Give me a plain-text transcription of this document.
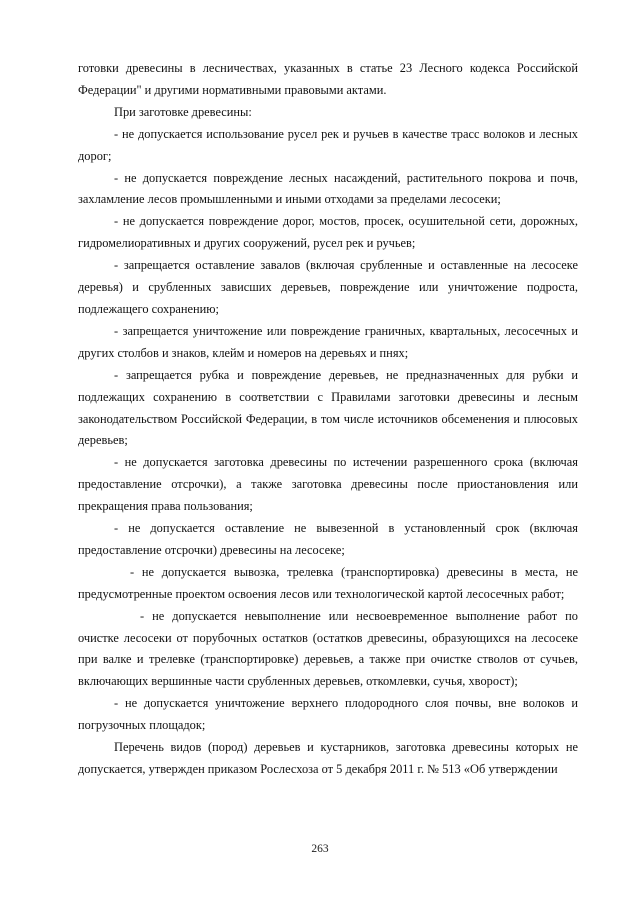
готовки древесины в лесничествах, указанных в статье 23 Лесного кодекса Российской Федерации" и другими нормативными правовыми актами.

При заготовке древесины:

- не допускается использование русел рек и ручьев в качестве трасс волоков и лесных дорог;

- не допускается повреждение лесных насаждений, растительного покрова и почв, захламление лесов промышленными и иными отходами за пределами лесосеки;

- не допускается повреждение дорог, мостов, просек, осушительной сети, дорожных, гидромелиоративных и других сооружений, русел рек и ручьев;

- запрещается оставление завалов (включая срубленные и оставленные на лесосеке деревья) и срубленных зависших деревьев, повреждение или уничтожение подроста, подлежащего сохранению;

- запрещается уничтожение или повреждение граничных, квартальных, лесосечных и других столбов и знаков, клейм и номеров на деревьях и пнях;

- запрещается рубка и повреждение деревьев, не предназначенных для рубки и подлежащих сохранению в соответствии с Правилами заготовки древесины и лесным законодательством Российской Федерации, в том числе источников обсеменения и плюсовых деревьев;

- не допускается заготовка древесины по истечении разрешенного срока (включая предоставление отсрочки), а также заготовка древесины после приостановления или прекращения права пользования;

- не допускается оставление не вывезенной в установленный срок (включая предоставление отсрочки) древесины на лесосеке;

- не допускается вывозка, трелевка (транспортировка) древесины в места, не предусмотренные проектом освоения лесов или технологической картой лесосечных работ;

- не допускается невыполнение или несвоевременное выполнение работ по очистке лесосеки от порубочных остатков (остатков древесины, образующихся на лесосеке при валке и трелевке (транспортировке) деревьев, а также при очистке стволов от сучьев, включающих вершинные части срубленных деревьев, откомлевки, сучья, хворост);

- не допускается уничтожение верхнего плодородного слоя почвы, вне волоков и погрузочных площадок;

Перечень видов (пород) деревьев и кустарников, заготовка древесины которых не допускается, утвержден приказом Рослесхоза от 5 декабря 2011 г. № 513 «Об утверждении

263
